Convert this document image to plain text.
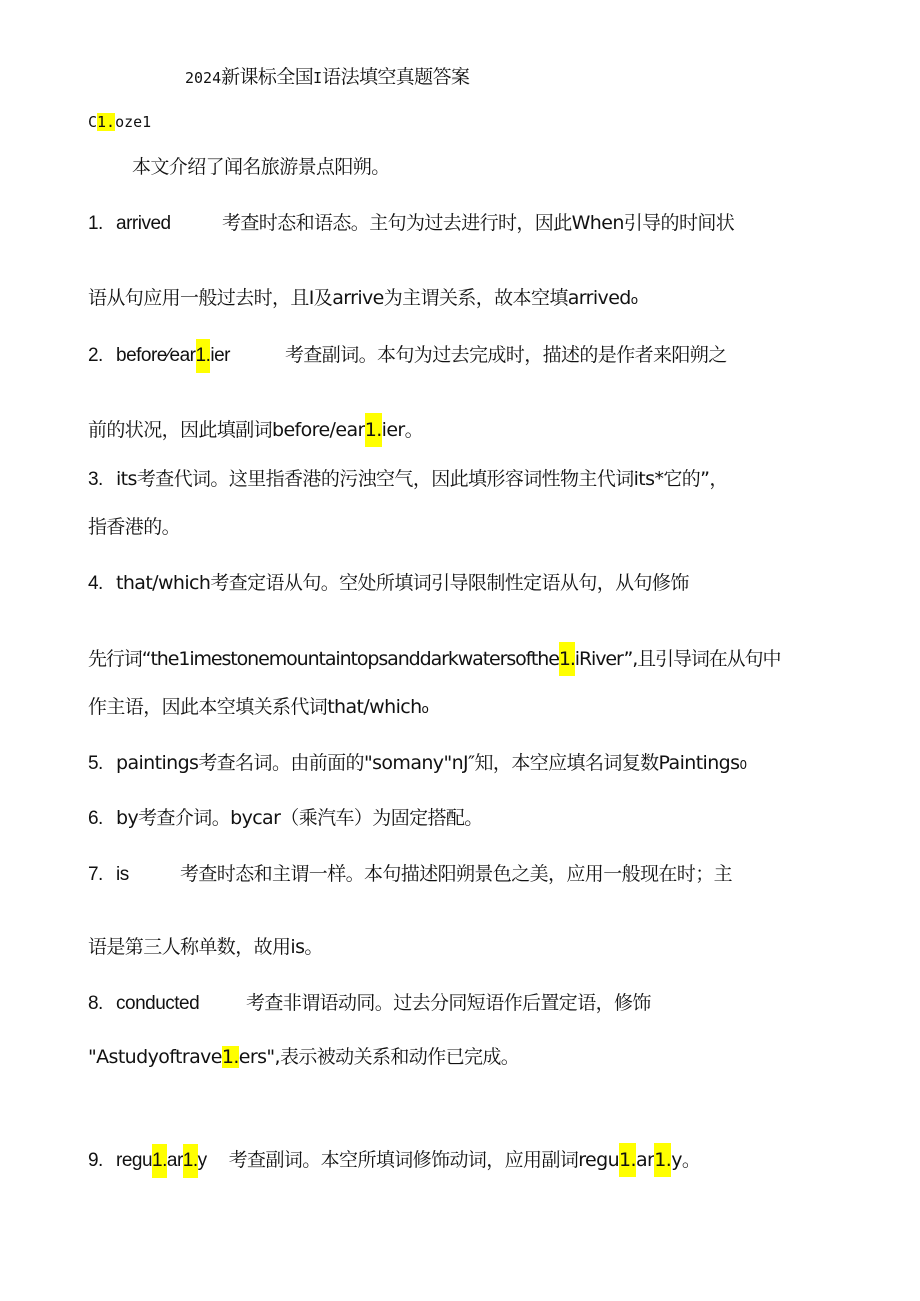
2024新课标全国I语法填空真题答案
C1.oze1
本文介绍了闻名旅游景点阳朔。
1. arrived	考查时态和语态。主句为过去进行时，因此When引导的时间状
语从句应用一般过去时，且I及arrive为主谓关系，故本空填arrivedo
2. before∕ear1.ier	考查副词。本句为过去完成时，描述的是作者来阳朔之
前的状况，因此填副词before∕ear1.ier。
3. its考查代词。这里指香港的污浊空气，因此填形容词性物主代词its*它的”，
指香港的。
4. that∕which考查定语从句。空处所填词引导限制性定语从句，从句修饰
先行词“the1imestonemountaintopsanddarkwatersofthe1.iRiver”,且引导词在从句中
作主语，因此本空填关系代词that∕whicho
5. paintings考查名词。由前面的"somany"nJ″知，本空应填名词复数Paintings0
6. by考查介词。bycar（乘汽车）为固定搭配。
7. is	考查时态和主谓一样。本句描述阳朔景色之美，应用一般现在时；主
语是第三人称单数，故用is。
8. conducted 考查非谓语动同。过去分同短语作后置定语，修饰
"Astudyoftrave1.ers",表示被动关系和动作已完成。
9. regu1.ar1.y 考查副词。本空所填词修饰动词，应用副词regu1.ar1.y。
